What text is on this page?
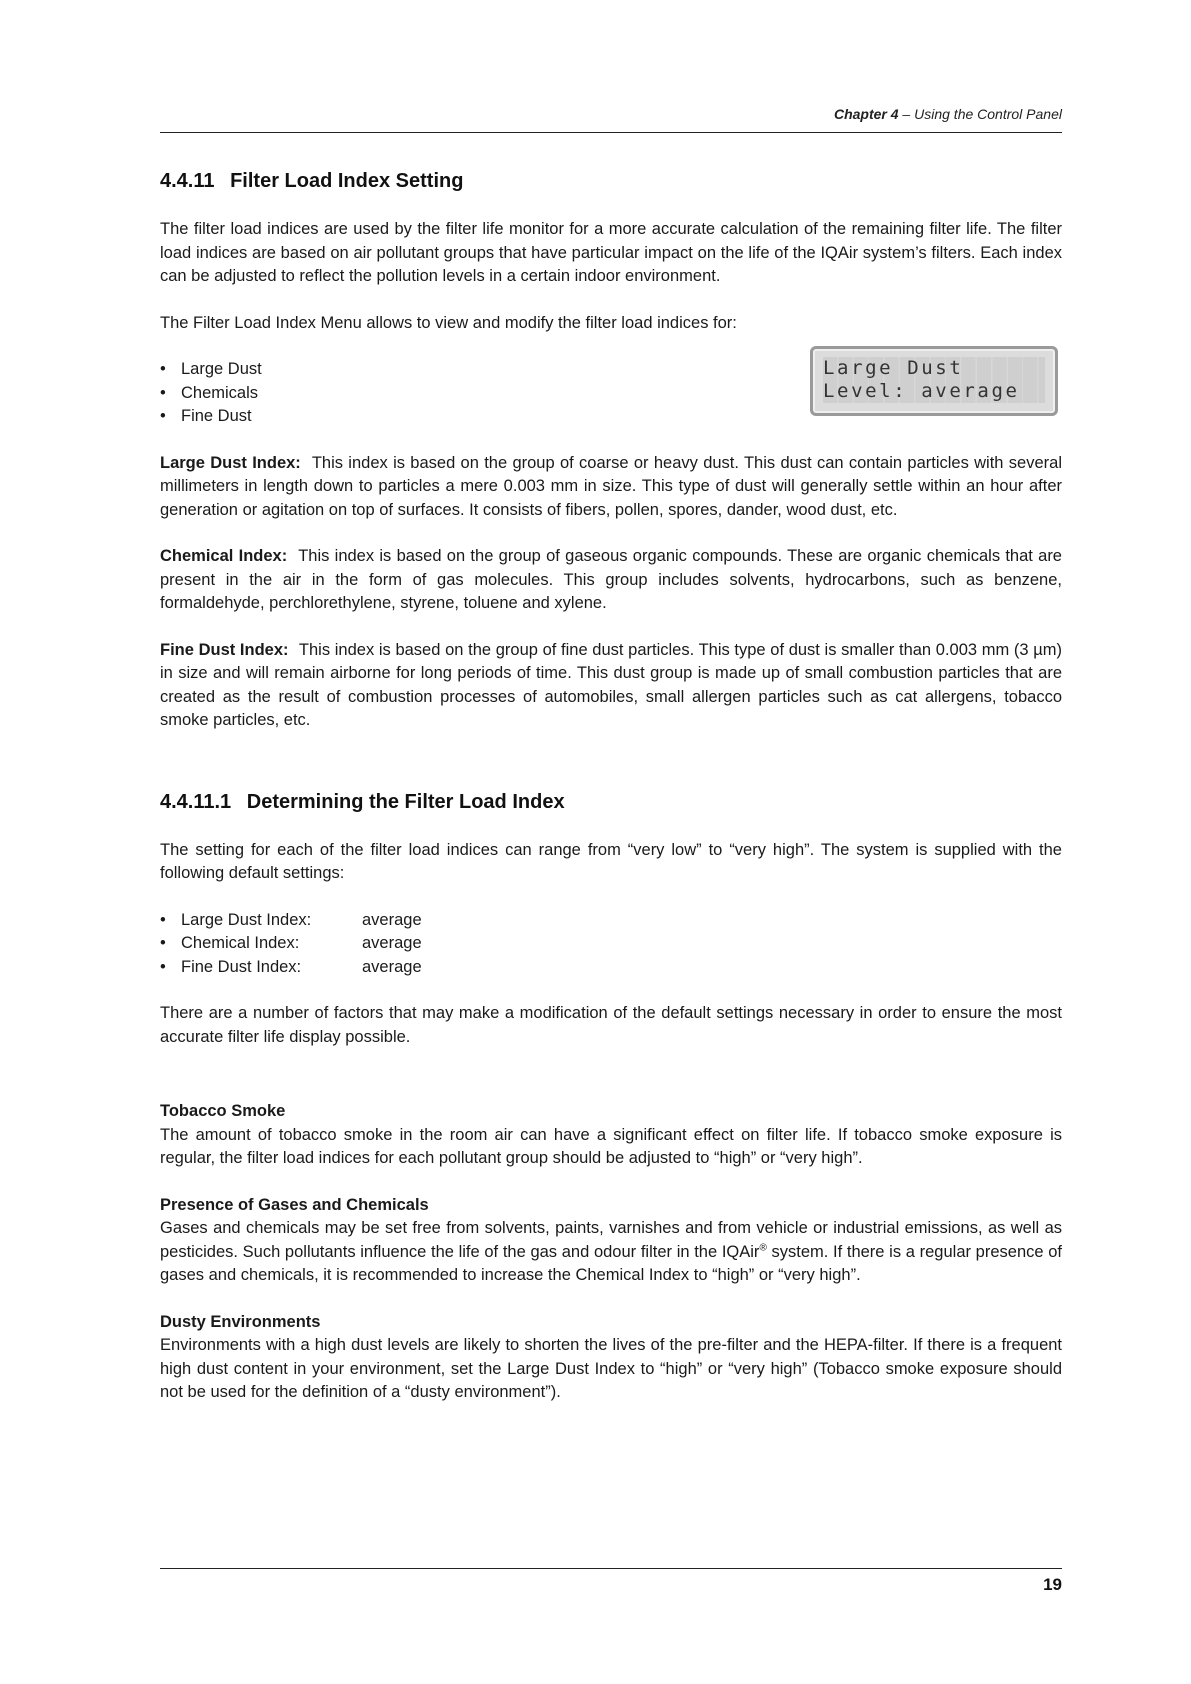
Chapter 4 – Using the Control Panel
4.4.11 Filter Load Index Setting

The filter load indices are used by the filter life monitor for a more accurate calculation of the remaining filter life. The filter load indices are based on air pollutant groups that have particular impact on the life of the IQAir system’s filters. Each index can be adjusted to reflect the pollution levels in a certain indoor environment.

The Filter Load Index Menu allows to view and modify the filter load indices for:

• Large Dust
• Chemicals
• Fine Dust
Large Dust
Level: average

Large Dust Index: This index is based on the group of coarse or heavy dust. This dust can contain particles with several millimeters in length down to particles a mere 0.003 mm in size. This type of dust will generally settle within an hour after generation or agitation on top of surfaces. It consists of fibers, pollen, spores, dander, wood dust, etc.

Chemical Index: This index is based on the group of gaseous organic compounds. These are organic chemicals that are present in the air in the form of gas molecules. This group includes solvents, hydrocarbons, such as benzene, formaldehyde, perchlorethylene, styrene, toluene and xylene.

Fine Dust Index: This index is based on the group of fine dust particles. This type of dust is smaller than 0.003 mm (3 µm) in size and will remain airborne for long periods of time. This dust group is made up of small combustion particles that are created as the result of combustion processes of automobiles, small allergen particles such as cat allergens, tobacco smoke particles, etc.

4.4.11.1 Determining the Filter Load Index

The setting for each of the filter load indices can range from “very low” to “very high”. The system is supplied with the following default settings:

• Large Dust Index:	average
• Chemical Index:	average
• Fine Dust Index:	average

There are a number of factors that may make a modification of the default settings necessary in order to ensure the most accurate filter life display possible.

Tobacco Smoke

The amount of tobacco smoke in the room air can have a significant effect on filter life. If tobacco smoke exposure is regular, the filter load indices for each pollutant group should be adjusted to “high” or “very high”.

Presence of Gases and Chemicals

Gases and chemicals may be set free from solvents, paints, varnishes and from vehicle or industrial emissions, as well as pesticides. Such pollutants influence the life of the gas and odour filter in the IQAir® system. If there is a regular presence of gases and chemicals, it is recommended to increase the Chemical Index to “high” or “very high”.

Dusty Environments

Environments with a high dust levels are likely to shorten the lives of the pre-filter and the HEPA-filter. If there is a frequent high dust content in your environment, set the Large Dust Index to “high” or “very high” (Tobacco smoke exposure should not be used for the definition of a “dusty environment”).

19
